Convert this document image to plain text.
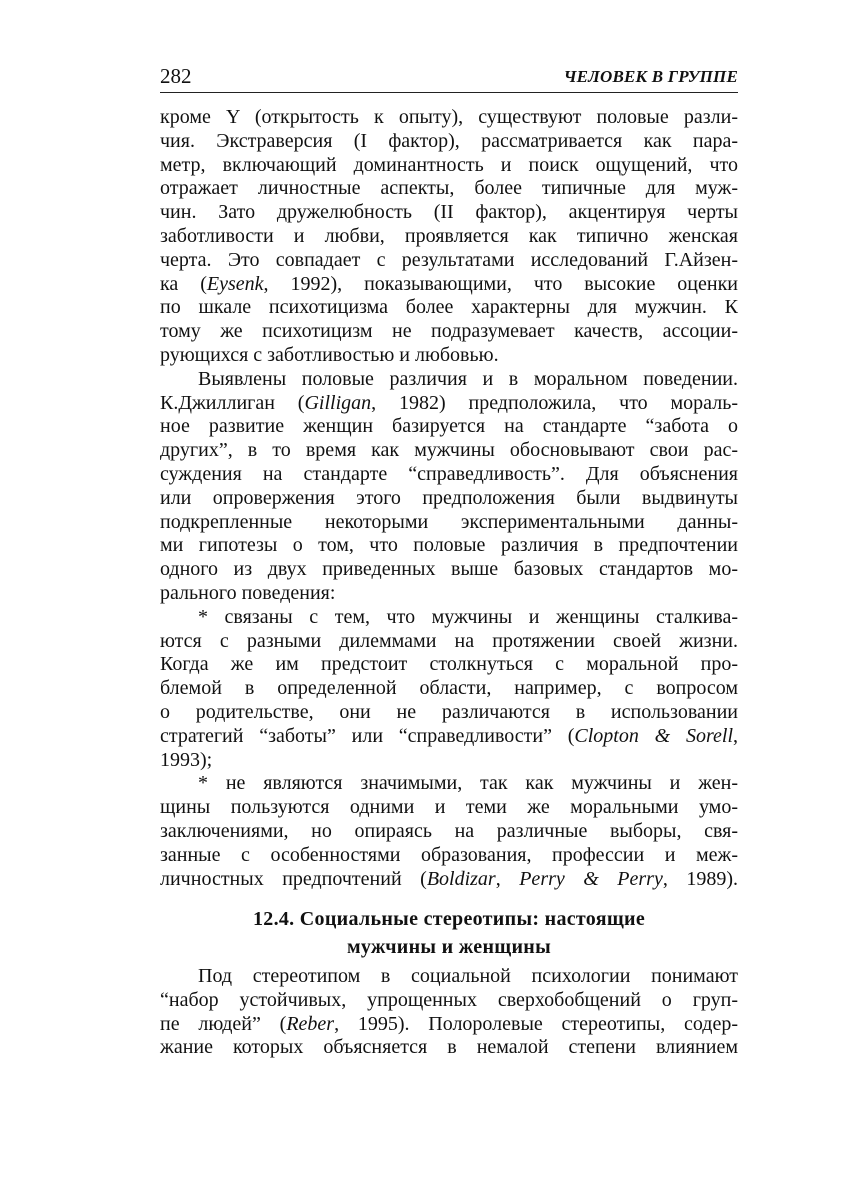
282	ЧЕЛОВЕК В ГРУППЕ
кроме Y (открытость к опыту), существуют половые разли-
чия. Экстраверсия (I фактор), рассматривается как пара-
метр, включающий доминантность и поиск ощущений, что
отражает личностные аспекты, более типичные для муж-
чин. Зато дружелюбность (II фактор), акцентируя черты
заботливости и любви, проявляется как типично женская
черта. Это совпадает с результатами исследований Г.Айзен-
ка (Eysenk, 1992), показывающими, что высокие оценки
по шкале психотицизма более характерны для мужчин. К
тому же психотицизм не подразумевает качеств, ассоции-
рующихся с заботливостью и любовью.
Выявлены половые различия и в моральном поведении.
К.Джиллиган (Gilligan, 1982) предположила, что мораль-
ное развитие женщин базируется на стандарте “забота о
других”, в то время как мужчины обосновывают свои рас-
суждения на стандарте “справедливость”. Для объяснения
или опровержения этого предположения были выдвинуты
подкрепленные некоторыми экспериментальными данны-
ми гипотезы о том, что половые различия в предпочтении
одного из двух приведенных выше базовых стандартов мо-
рального поведения:
* связаны с тем, что мужчины и женщины сталкива-
ются с разными дилеммами на протяжении своей жизни.
Когда же им предстоит столкнуться с моральной про-
блемой в определенной области, например, с вопросом
о родительстве, они не различаются в использовании
стратегий “заботы” или “справедливости” (Clopton & Sorell,
1993);
* не являются значимыми, так как мужчины и жен-
щины пользуются одними и теми же моральными умо-
заключениями, но опираясь на различные выборы, свя-
занные с особенностями образования, профессии и меж-
личностных предпочтений (Boldizar, Perry & Perry, 1989).
12.4. Социальные стереотипы: настоящие
мужчины и женщины
Под стереотипом в социальной психологии понимают
“набор устойчивых, упрощенных сверхобобщений о груп-
пе людей” (Reber, 1995). Полоролевые стереотипы, содер-
жание которых объясняется в немалой степени влиянием
